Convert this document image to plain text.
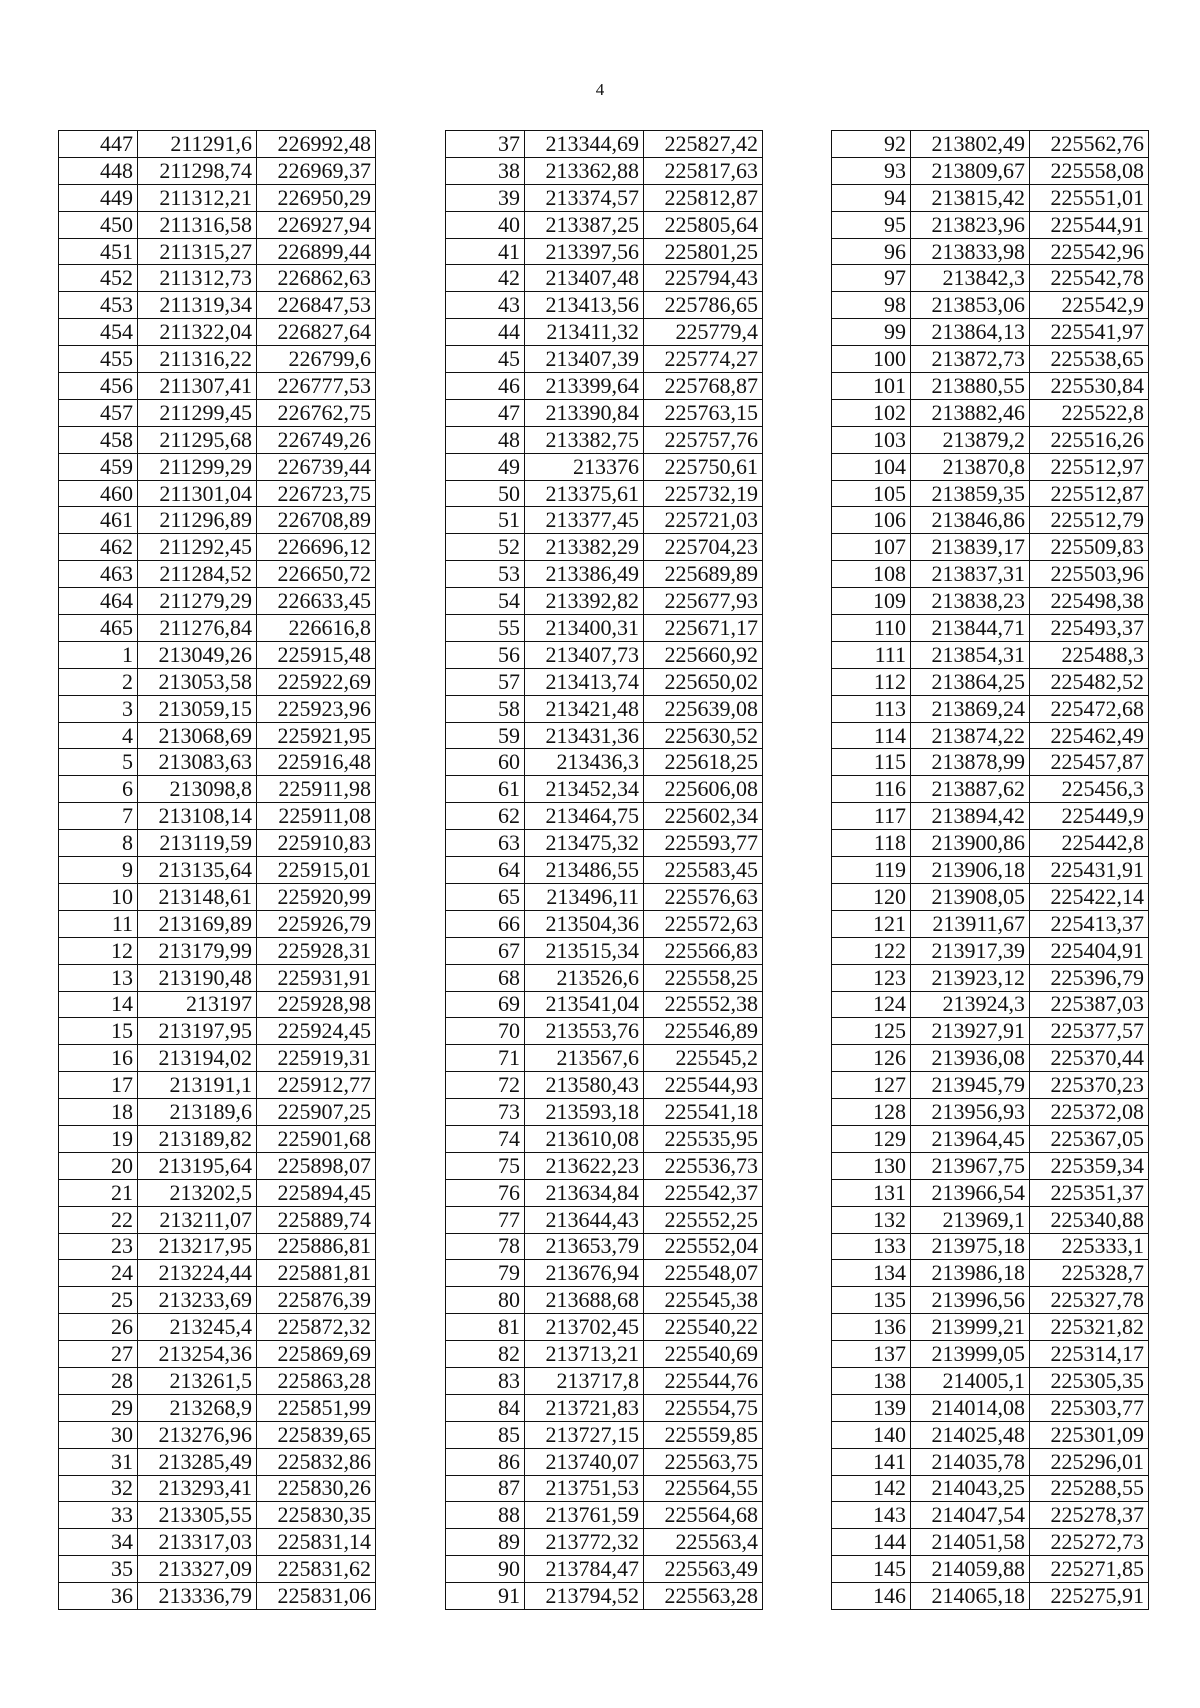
4
447	211291,6	226992,48
448	211298,74	226969,37
449	211312,21	226950,29
450	211316,58	226927,94
451	211315,27	226899,44
452	211312,73	226862,63
453	211319,34	226847,53
454	211322,04	226827,64
455	211316,22	226799,6
456	211307,41	226777,53
457	211299,45	226762,75
458	211295,68	226749,26
459	211299,29	226739,44
460	211301,04	226723,75
461	211296,89	226708,89
462	211292,45	226696,12
463	211284,52	226650,72
464	211279,29	226633,45
465	211276,84	226616,8
1	213049,26	225915,48
2	213053,58	225922,69
3	213059,15	225923,96
4	213068,69	225921,95
5	213083,63	225916,48
6	213098,8	225911,98
7	213108,14	225911,08
8	213119,59	225910,83
9	213135,64	225915,01
10	213148,61	225920,99
11	213169,89	225926,79
12	213179,99	225928,31
13	213190,48	225931,91
14	213197	225928,98
15	213197,95	225924,45
16	213194,02	225919,31
17	213191,1	225912,77
18	213189,6	225907,25
19	213189,82	225901,68
20	213195,64	225898,07
21	213202,5	225894,45
22	213211,07	225889,74
23	213217,95	225886,81
24	213224,44	225881,81
25	213233,69	225876,39
26	213245,4	225872,32
27	213254,36	225869,69
28	213261,5	225863,28
29	213268,9	225851,99
30	213276,96	225839,65
31	213285,49	225832,86
32	213293,41	225830,26
33	213305,55	225830,35
34	213317,03	225831,14
35	213327,09	225831,62
36	213336,79	225831,06
37	213344,69	225827,42
38	213362,88	225817,63
39	213374,57	225812,87
40	213387,25	225805,64
41	213397,56	225801,25
42	213407,48	225794,43
43	213413,56	225786,65
44	213411,32	225779,4
45	213407,39	225774,27
46	213399,64	225768,87
47	213390,84	225763,15
48	213382,75	225757,76
49	213376	225750,61
50	213375,61	225732,19
51	213377,45	225721,03
52	213382,29	225704,23
53	213386,49	225689,89
54	213392,82	225677,93
55	213400,31	225671,17
56	213407,73	225660,92
57	213413,74	225650,02
58	213421,48	225639,08
59	213431,36	225630,52
60	213436,3	225618,25
61	213452,34	225606,08
62	213464,75	225602,34
63	213475,32	225593,77
64	213486,55	225583,45
65	213496,11	225576,63
66	213504,36	225572,63
67	213515,34	225566,83
68	213526,6	225558,25
69	213541,04	225552,38
70	213553,76	225546,89
71	213567,6	225545,2
72	213580,43	225544,93
73	213593,18	225541,18
74	213610,08	225535,95
75	213622,23	225536,73
76	213634,84	225542,37
77	213644,43	225552,25
78	213653,79	225552,04
79	213676,94	225548,07
80	213688,68	225545,38
81	213702,45	225540,22
82	213713,21	225540,69
83	213717,8	225544,76
84	213721,83	225554,75
85	213727,15	225559,85
86	213740,07	225563,75
87	213751,53	225564,55
88	213761,59	225564,68
89	213772,32	225563,4
90	213784,47	225563,49
91	213794,52	225563,28
92	213802,49	225562,76
93	213809,67	225558,08
94	213815,42	225551,01
95	213823,96	225544,91
96	213833,98	225542,96
97	213842,3	225542,78
98	213853,06	225542,9
99	213864,13	225541,97
100	213872,73	225538,65
101	213880,55	225530,84
102	213882,46	225522,8
103	213879,2	225516,26
104	213870,8	225512,97
105	213859,35	225512,87
106	213846,86	225512,79
107	213839,17	225509,83
108	213837,31	225503,96
109	213838,23	225498,38
110	213844,71	225493,37
111	213854,31	225488,3
112	213864,25	225482,52
113	213869,24	225472,68
114	213874,22	225462,49
115	213878,99	225457,87
116	213887,62	225456,3
117	213894,42	225449,9
118	213900,86	225442,8
119	213906,18	225431,91
120	213908,05	225422,14
121	213911,67	225413,37
122	213917,39	225404,91
123	213923,12	225396,79
124	213924,3	225387,03
125	213927,91	225377,57
126	213936,08	225370,44
127	213945,79	225370,23
128	213956,93	225372,08
129	213964,45	225367,05
130	213967,75	225359,34
131	213966,54	225351,37
132	213969,1	225340,88
133	213975,18	225333,1
134	213986,18	225328,7
135	213996,56	225327,78
136	213999,21	225321,82
137	213999,05	225314,17
138	214005,1	225305,35
139	214014,08	225303,77
140	214025,48	225301,09
141	214035,78	225296,01
142	214043,25	225288,55
143	214047,54	225278,37
144	214051,58	225272,73
145	214059,88	225271,85
146	214065,18	225275,91
